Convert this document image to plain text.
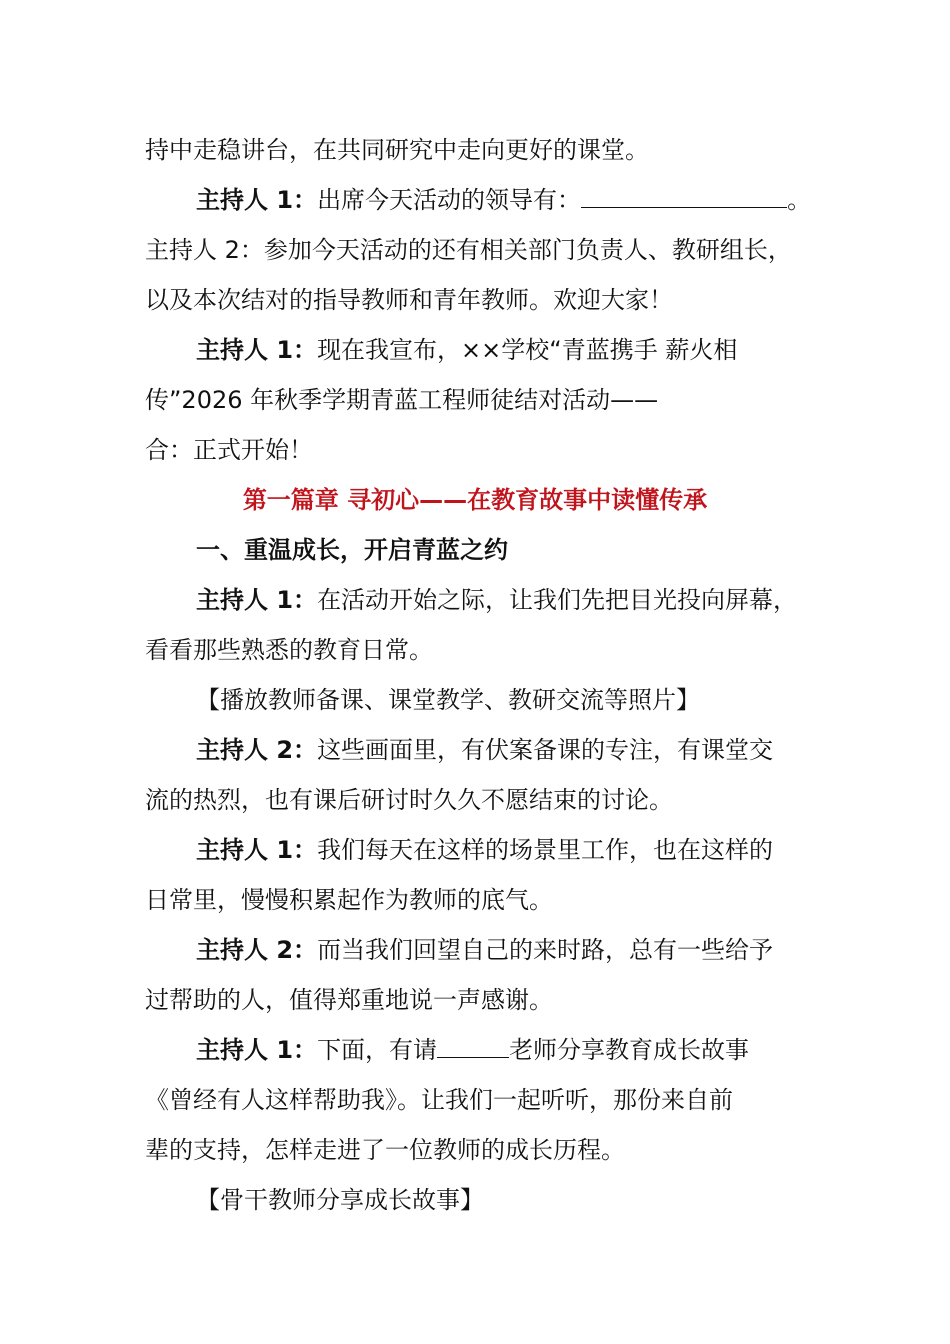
持中走稳讲台，在共同研究中走向更好的课堂。
主持人 1：出席今天活动的领导有：	。
主持人 2：参加今天活动的还有相关部门负责人、教研组长，
以及本次结对的指导教师和青年教师。欢迎大家！
主持人 1：现在我宣布，××学校“青蓝携手 薪火相
传”2026 年秋季学期青蓝工程师徒结对活动——
合：正式开始！
第一篇章 寻初心——在教育故事中读懂传承
一、重温成长，开启青蓝之约
主持人 1：在活动开始之际，让我们先把目光投向屏幕，
看看那些熟悉的教育日常。
【播放教师备课、课堂教学、教研交流等照片】
主持人 2：这些画面里，有伏案备课的专注，有课堂交
流的热烈，也有课后研讨时久久不愿结束的讨论。
主持人 1：我们每天在这样的场景里工作，也在这样的
日常里，慢慢积累起作为教师的底气。
主持人 2：而当我们回望自己的来时路，总有一些给予
过帮助的人，值得郑重地说一声感谢。
主持人 1：下面，有请	老师分享教育成长故事
《曾经有人这样帮助我》。让我们一起听听，那份来自前
辈的支持，怎样走进了一位教师的成长历程。
【骨干教师分享成长故事】
